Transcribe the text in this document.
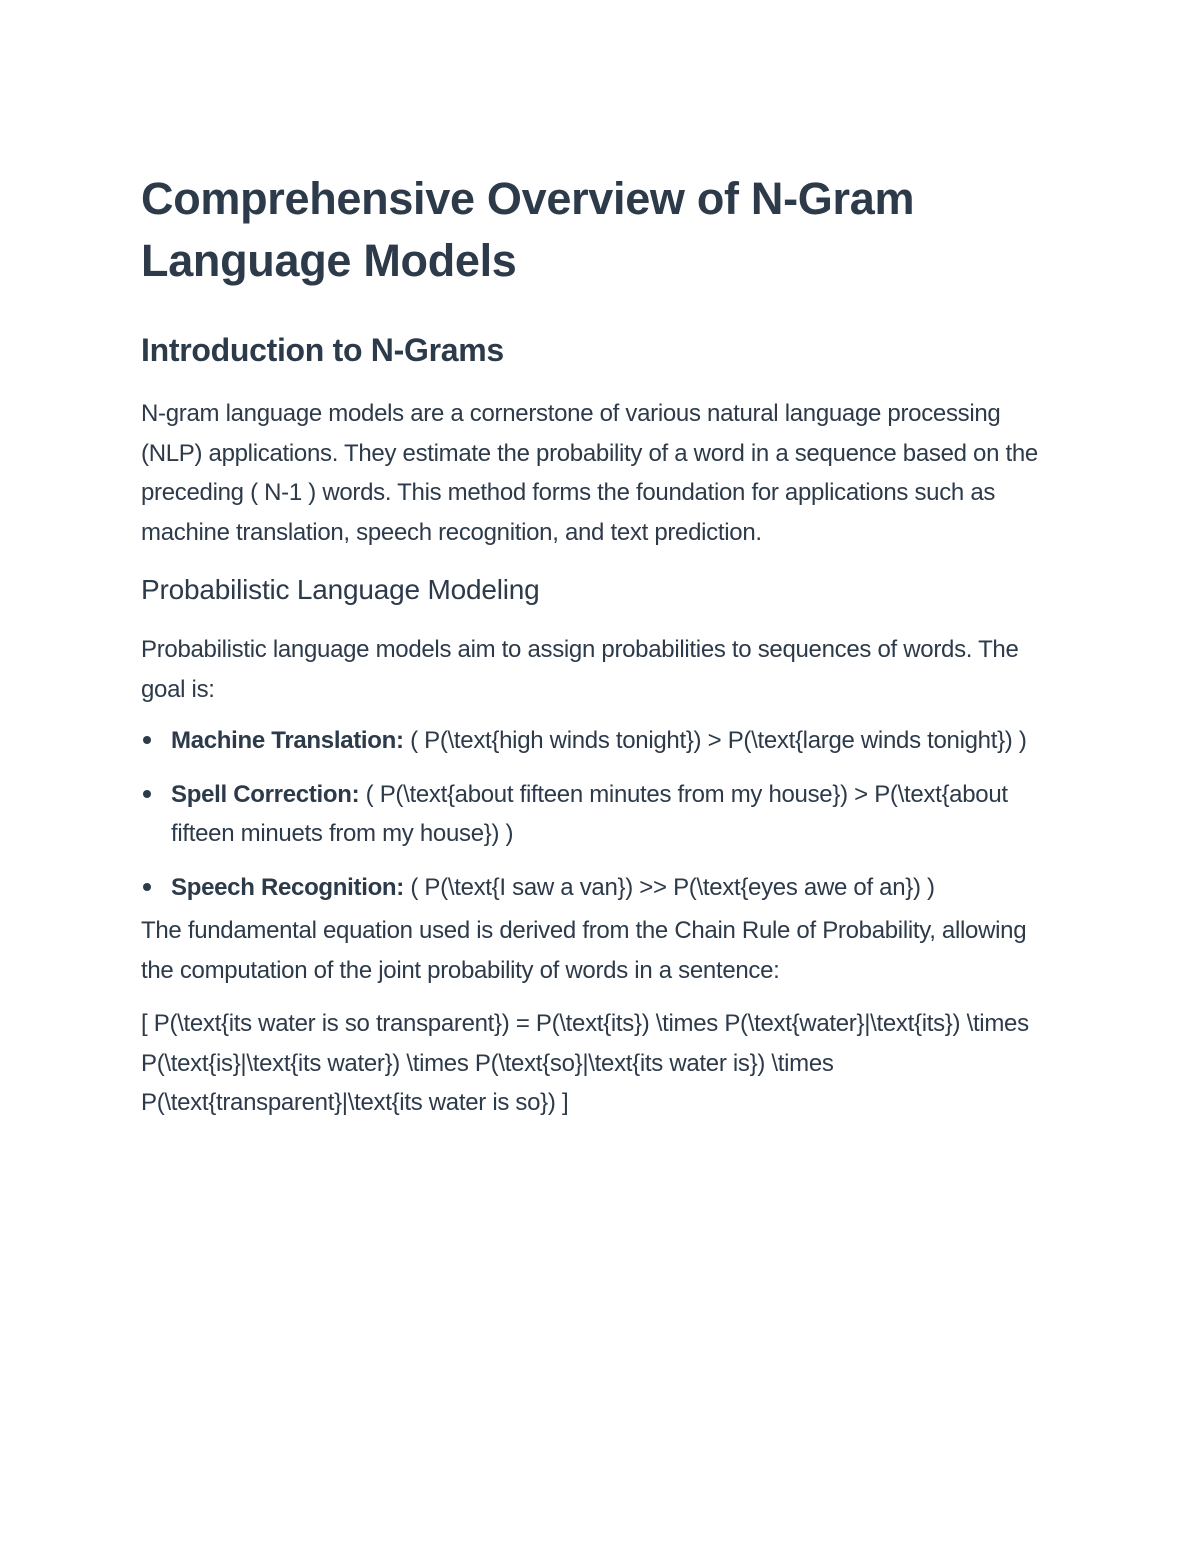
Comprehensive Overview of N-Gram Language Models
Introduction to N-Grams

N-gram language models are a cornerstone of various natural language processing (NLP) applications. They estimate the probability of a word in a sequence based on the preceding ( N-1 ) words. This method forms the foundation for applications such as machine translation, speech recognition, and text prediction.

Probabilistic Language Modeling

Probabilistic language models aim to assign probabilities to sequences of words. The goal is:

Machine Translation: ( P(\text{high winds tonight}) > P(\text{large winds tonight}) )
Spell Correction: ( P(\text{about fifteen minutes from my house}) > P(\text{about fifteen minuets from my house}) )
Speech Recognition: ( P(\text{I saw a van}) >> P(\text{eyes awe of an}) )

The fundamental equation used is derived from the Chain Rule of Probability, allowing the computation of the joint probability of words in a sentence:

[ P(\text{its water is so transparent}) = P(\text{its}) \times P(\text{water}|\text{its}) \times P(\text{is}|\text{its water}) \times P(\text{so}|\text{its water is}) \times P(\text{transparent}|\text{its water is so}) ]
